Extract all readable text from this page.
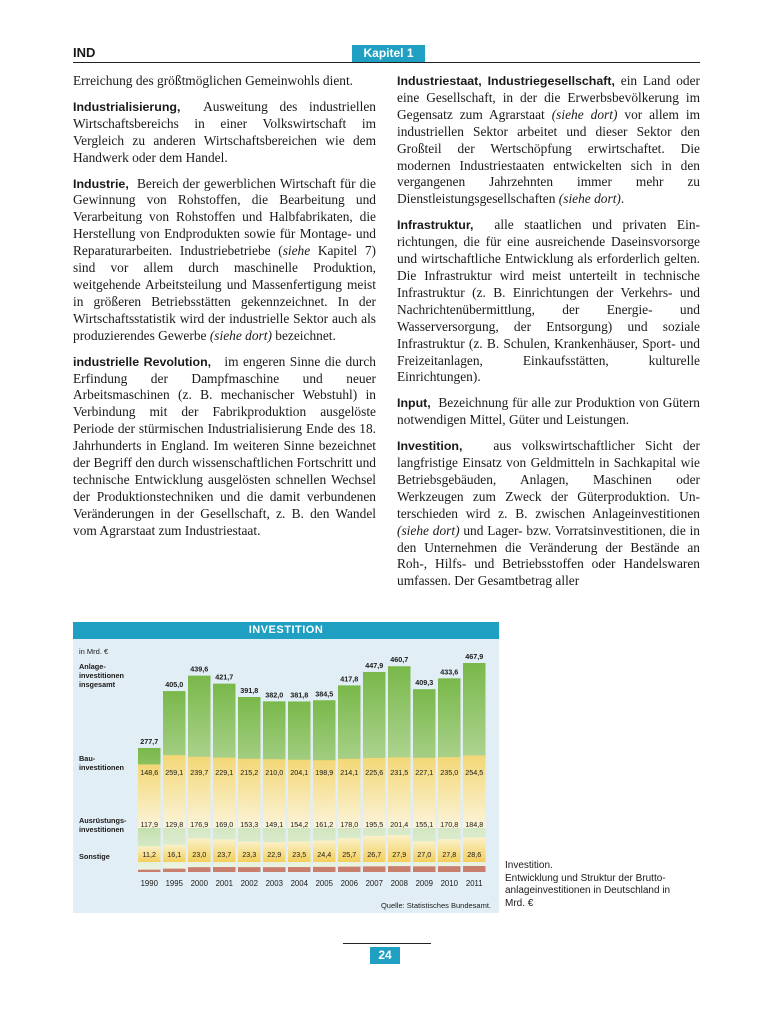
IND	Kapitel 1

Erreichung des größtmöglichen Gemeinwohls dient.

Industrialisierung, Ausweitung des industriellen Wirtschaftsbereichs in einer Volkswirtschaft im Vergleich zu anderen Wirtschaftsbereichen wie dem Handwerk oder dem Handel.

Industrie, Bereich der gewerblichen Wirtschaft für die Gewinnung von Rohstoffen, die Bearbeitung und Verarbeitung von Rohstoffen und Halbfabrikaten, die Herstellung von Endprodukten sowie für Montage- und Reparaturarbeiten. Industriebetriebe (siehe Kapitel 7) sind vor allem durch maschinelle Produktion, weitgehende Arbeitsteilung und Massenfertigung meist in größeren Betriebsstätten gekennzeichnet. In der Wirtschaftsstatistik wird der industrielle Sektor auch als produzierendes Gewerbe (siehe dort) bezeichnet.

industrielle Revolution, im engeren Sinne die durch Erfindung der Dampfmaschine und neuer Arbeitsmaschinen (z. B. mechanischer Webstuhl) in Verbindung mit der Fabrikproduktion ausgelöste Periode der stürmischen Industrialisierung Ende des 18. Jahrhunderts in England. Im weiteren Sinne bezeichnet der Begriff den durch wissenschaftlichen Fortschritt und technische Entwicklung ausgelösten schnellen Wechsel der Produktionstechniken und die damit verbundenen Veränderungen in der Gesellschaft, z. B. den Wandel vom Agrarstaat zum Industriestaat.

Industriestaat, Industriegesellschaft, ein Land oder eine Gesellschaft, in der die Erwerbsbevölkerung im Gegensatz zum Agrarstaat (siehe dort) vor allem im industriellen Sektor arbeitet und dieser Sektor den Großteil der Wertschöpfung erwirtschaftet. Die modernen Industriestaaten entwickelten sich in den vergangenen Jahrzehnten immer mehr zu Dienstleistungsgesellschaften (siehe dort).

Infrastruktur,  alle staatlichen und privaten Einrichtungen, die für eine ausreichende Daseinsvorsorge und wirtschaftliche Entwicklung als erforderlich gelten. Die Infrastruktur wird meist unterteilt in technische Infrastruktur (z. B. Einrichtungen der Verkehrs- und Nachrichtenübermittlung, der Energie- und Wasserversorgung, der Entsorgung) und soziale Infrastruktur (z. B. Schulen, Krankenhäuser, Sport- und Freizeitanlagen, Einkaufsstätten, kulturelle Einrichtungen).

Input,  Bezeichnung für alle zur Produktion von Gütern notwendigen Mittel, Güter und Leistungen.

Investition,   aus volkswirtschaftlicher Sicht der langfristige Einsatz von Geldmitteln in Sachkapital wie Betriebsgebäuden, Anlagen, Maschinen oder Werkzeugen zum Zweck der Güterproduktion. Unterschieden wird z. B. zwischen Anlageinvestitionen (siehe dort) und Lager- bzw. Vorratsinvestitionen, die in den Unternehmen die Veränderung der Bestände an Roh-, Hilfs- und Betriebsstoffen oder Handelswaren umfassen. Der Gesamtbetrag aller

INVESTITION
in Mrd. €
Anlage-
investitionen
insgesamt
Bau-
investitionen
Ausrüstungs-
investitionen
Sonstige
277,7
148,6
117,9
11,2
405,0
259,1
129,8
16,1
439,6
239,7
176,9
23,0
421,7
229,1
169,0
23,7
391,8
215,2
153,3
23,3
382,0
210,0
149,1
22,9
381,8
204,1
154,2
23,5
384,5
198,9
161,2
24,4
417,8
214,1
178,0
25,7
447,9
225,6
195,5
26,7
460,7
231,5
201,4
27,9
409,3
227,1
155,1
27,0
433,6
235,0
170,8
27,8
467,9
254,5
184,8
28,6
1990 1995 2000 2001 2002 2003 2004 2005 2006 2007 2008 2009 2010 2011
Quelle: Statistisches Bundesamt.
Investition.
Entwicklung und Struktur der Brutto-
anlageinvestitionen in Deutschland in
Mrd. €
24
